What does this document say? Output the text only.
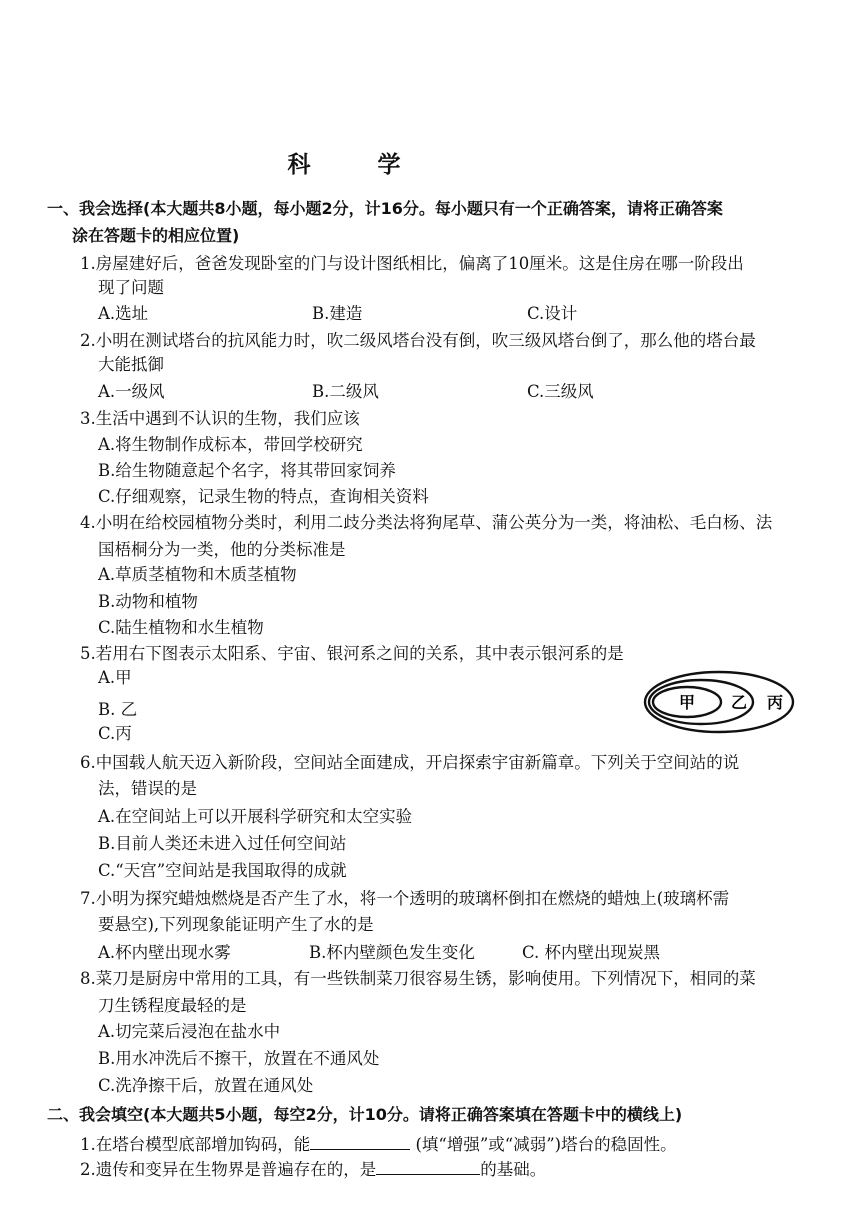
科　学
一、我会选择(本大题共8小题，每小题2分，计16分。每小题只有一个正确答案，请将正确答案
涂在答题卡的相应位置)
1.房屋建好后，爸爸发现卧室的门与设计图纸相比，偏离了10厘米。这是住房在哪一阶段出
现了问题
A.选址	B.建造	C.设计
2.小明在测试塔台的抗风能力时，吹二级风塔台没有倒，吹三级风塔台倒了，那么他的塔台最
大能抵御
A.一级风	B.二级风	C.三级风
3.生活中遇到不认识的生物，我们应该
A.将生物制作成标本，带回学校研究
B.给生物随意起个名字，将其带回家饲养
C.仔细观察，记录生物的特点，查询相关资料
4.小明在给校园植物分类时，利用二歧分类法将狗尾草、蒲公英分为一类，将油松、毛白杨、法
国梧桐分为一类，他的分类标准是
A.草质茎植物和木质茎植物
B.动物和植物
C.陆生植物和水生植物
5.若用右下图表示太阳系、宇宙、银河系之间的关系，其中表示银河系的是
A.甲
B. 乙
C.丙
甲 乙 丙
6.中国载人航天迈入新阶段，空间站全面建成，开启探索宇宙新篇章。下列关于空间站的说
法，错误的是
A.在空间站上可以开展科学研究和太空实验
B.目前人类还未进入过任何空间站
C.“天宫”空间站是我国取得的成就
7.小明为探究蜡烛燃烧是否产生了水，将一个透明的玻璃杯倒扣在燃烧的蜡烛上(玻璃杯需
要悬空),下列现象能证明产生了水的是
A.杯内壁出现水雾	B.杯内壁颜色发生变化	C. 杯内壁出现炭黑
8.菜刀是厨房中常用的工具，有一些铁制菜刀很容易生锈，影响使用。下列情况下，相同的菜
刀生锈程度最轻的是
A.切完菜后浸泡在盐水中
B.用水冲洗后不擦干，放置在不通风处
C.洗净擦干后，放置在通风处
二、我会填空(本大题共5小题，每空2分，计10分。请将正确答案填在答题卡中的横线上)
1.在塔台模型底部增加钩码，能	(填“增强”或“减弱”)塔台的稳固性。
2.遗传和变异在生物界是普遍存在的，是	的基础。
